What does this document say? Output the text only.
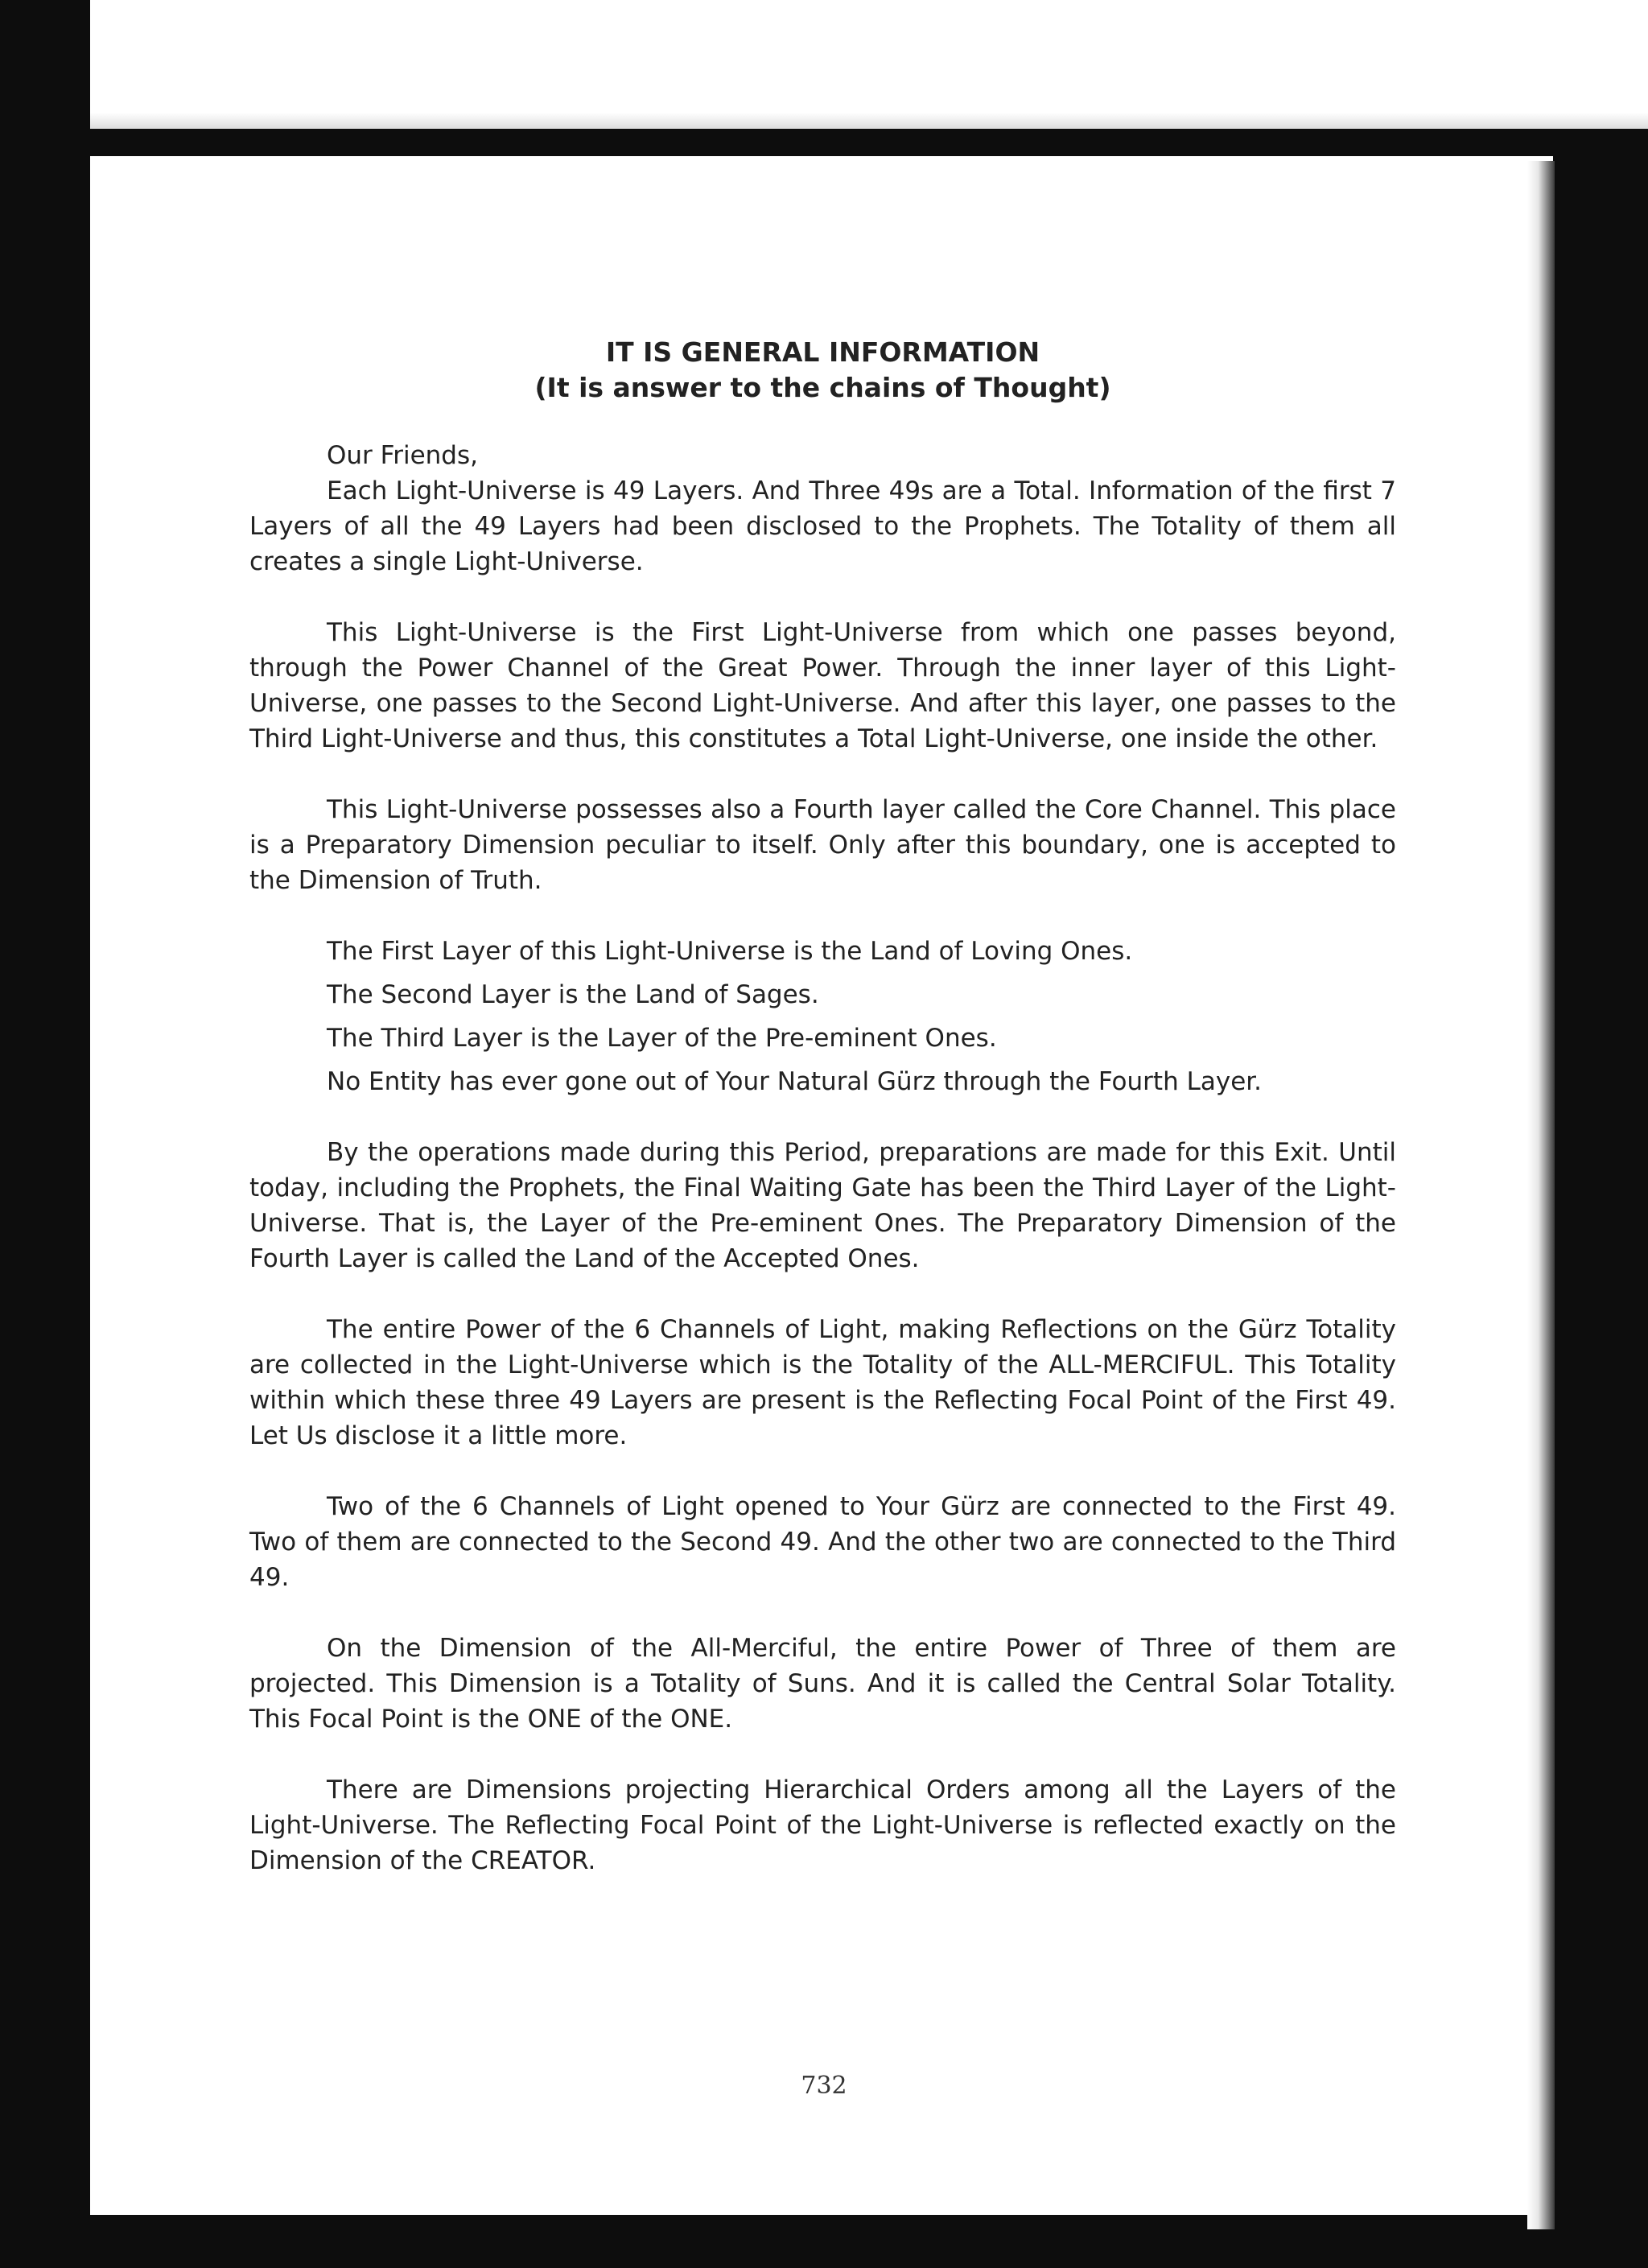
IT IS GENERAL INFORMATION

(It is answer to the chains of Thought)

Our Friends,

Each Light-Universe is 49 Layers. And Three 49s are a Total. Information of the first 7 Layers of all the 49 Layers had been disclosed to the Prophets. The Totality of them all creates a single Light-Universe.

This Light-Universe is the First Light-Universe from which one passes beyond, through the Power Channel of the Great Power. Through the inner layer of this Light-Universe, one passes to the Second Light-Universe. And after this layer, one passes to the Third Light-Universe and thus, this constitutes a Total Light-Universe, one inside the other.

This Light-Universe possesses also a Fourth layer called the Core Channel. This place is a Preparatory Dimension peculiar to itself. Only after this boundary, one is accepted to the Dimension of Truth.

The First Layer of this Light-Universe is the Land of Loving Ones.

The Second Layer is the Land of Sages.

The Third Layer is the Layer of the Pre-eminent Ones.

No Entity has ever gone out of Your Natural Gürz through the Fourth Layer.

By the operations made during this Period, preparations are made for this Exit. Until today, including the Prophets, the Final Waiting Gate has been the Third Layer of the Light-Universe. That is, the Layer of the Pre-eminent Ones. The Preparatory Dimension of the Fourth Layer is called the Land of the Accepted Ones.

The entire Power of the 6 Channels of Light, making Reflections on the Gürz Totality are collected in the Light-Universe which is the Totality of the ALL-MERCIFUL. This Totality within which these three 49 Layers are present is the Reflecting Focal Point of the First 49. Let Us disclose it a little more.

Two of the 6 Channels of Light opened to Your Gürz are connected to the First 49. Two of them are connected to the Second 49. And the other two are connected to the Third 49.

On the Dimension of the All-Merciful, the entire Power of Three of them are projected. This Dimension is a Totality of Suns. And it is called the Central Solar Totality. This Focal Point is the ONE of the ONE.

There are Dimensions projecting Hierarchical Orders among all the Layers of the Light-Universe. The Reflecting Focal Point of the Light-Universe is reflected exactly on the Dimension of the CREATOR.

732
